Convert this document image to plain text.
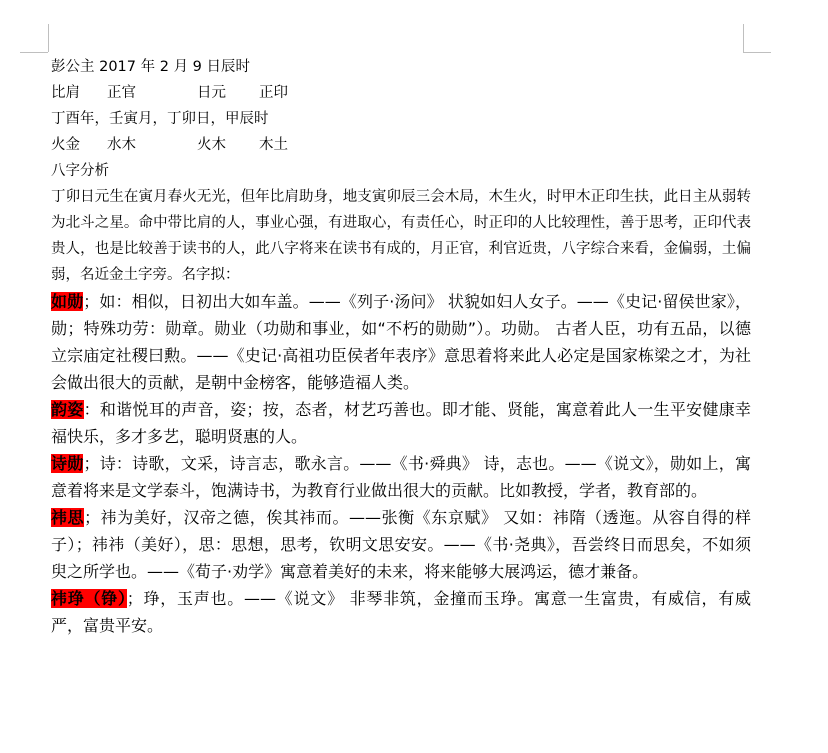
彭公主 2017 年 2 月 9 日辰时
比肩 正官	日元 正印
丁酉年，壬寅月，丁卯日，甲辰时
火金 水木	火木 木土
八字分析
丁卯日元生在寅月春火无光，但年比肩助身，地支寅卯辰三会木局，木生火，时甲木正印生扶，此日主从弱转为北斗之星。命中带比肩的人，事业心强，有进取心，有责任心，时正印的人比较理性，善于思考，正印代表贵人，也是比较善于读书的人，此八字将来在读书有成的，月正官，利官近贵，八字综合来看，金偏弱，土偏弱，名近金土字旁。名字拟：
如勋；如：相似，日初出大如车盖。——《列子·汤问》 状貌如妇人女子。——《史记·留侯世家》，勋；特殊功劳：勋章。勋业（功勋和事业，如“不朽的勋勋”）。功勋。 古者人臣，功有五品，以德立宗庙定社稷曰勲。——《史记·高祖功臣侯者年表序》意思着将来此人必定是国家栋梁之才，为社会做出很大的贡献，是朝中金榜客，能够造福人类。
韵姿：和谐悦耳的声音，姿；按，态者，材艺巧善也。即才能、贤能，寓意着此人一生平安健康幸福快乐，多才多艺，聪明贤惠的人。
诗勋；诗：诗歌，文采，诗言志，歌永言。——《书·舜典》 诗，志也。——《说文》，勋如上，寓意着将来是文学泰斗，饱满诗书，为教育行业做出很大的贡献。比如教授，学者，教育部的。
祎思；祎为美好，汉帝之德，俟其祎而。——张衡《东京赋》 又如：祎隋（透迤。从容自得的样子）；祎祎（美好），思：思想，思考，钦明文思安安。——《书·尧典》，吾尝终日而思矣，不如须臾之所学也。——《荀子·劝学》寓意着美好的未来，将来能够大展鸿运，德才兼备。
祎琤（铮）；琤，玉声也。——《说文》 非琴非筑，金撞而玉琤。寓意一生富贵，有威信，有威严，富贵平安。
